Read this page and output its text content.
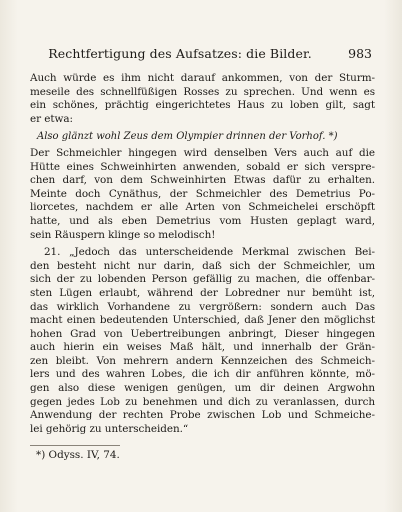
Rechtfertigung des Aufsatzes: die Bilder.	983
Auch würde es ihm nicht darauf ankommen, von der Sturm-
meseile des schnellfüßigen Rosses zu sprechen. Und wenn es
ein schönes, prächtig eingerichtetes Haus zu loben gilt, sagt
er etwa:
Also glänzt wohl Zeus dem Olympier drinnen der Vorhof. *)
Der Schmeichler hingegen wird denselben Vers auch auf die
Hütte eines Schweinhirten anwenden, sobald er sich verspre-
chen darf, von dem Schweinhirten Etwas dafür zu erhalten.
Meinte doch Cynäthus, der Schmeichler des Demetrius Po-
liorcetes, nachdem er alle Arten von Schmeichelei erschöpft
hatte, und als eben Demetrius vom Husten geplagt ward,
sein Räuspern klinge so melodisch!
21. „Jedoch das unterscheidende Merkmal zwischen Bei-
den besteht nicht nur darin, daß sich der Schmeichler, um
sich der zu lobenden Person gefällig zu machen, die offenbar-
sten Lügen erlaubt, während der Lobredner nur bemüht ist,
das wirklich Vorhandene zu vergrößern: sondern auch Das
macht einen bedeutenden Unterschied, daß Jener den möglichst
hohen Grad von Uebertreibungen anbringt, Dieser hingegen
auch hierin ein weises Maß hält, und innerhalb der Grän-
zen bleibt. Von mehrern andern Kennzeichen des Schmeich-
lers und des wahren Lobes, die ich dir anführen könnte, mö-
gen also diese wenigen genügen, um dir deinen Argwohn
gegen jedes Lob zu benehmen und dich zu veranlassen, durch
Anwendung der rechten Probe zwischen Lob und Schmeiche-
lei gehörig zu unterscheiden.“
*) Odyss. IV, 74.
